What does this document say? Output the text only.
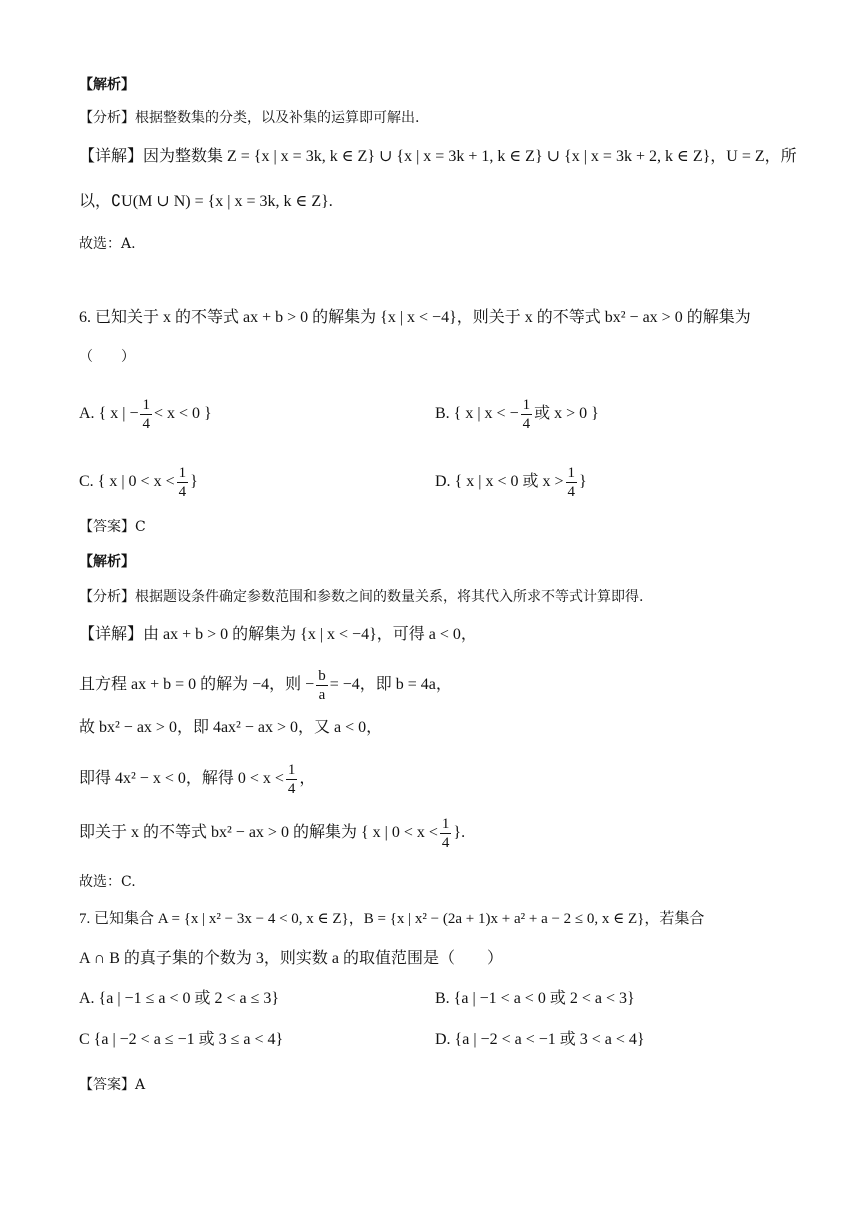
【解析】
【分析】根据整数集的分类，以及补集的运算即可解出.
【详解】因为整数集 Z = {x | x = 3k, k ∈ Z} ∪ {x | x = 3k + 1, k ∈ Z} ∪ {x | x = 3k + 2, k ∈ Z}，U = Z，所
以，∁U(M ∪ N) = {x | x = 3k, k ∈ Z}.
故选：A.
6. 已知关于 x 的不等式 ax + b > 0 的解集为 {x | x < −4}，则关于 x 的不等式 bx² − ax > 0 的解集为
（　　）
A. { x | − $\frac{1}{4} < x < 0$ }	B. { x | x < − $\frac{1}{4}$ 或 x > 0 }
C. { x | $0 < x < \frac{1}{4}$ }	D. { x | x < 0 或 $x > \frac{1}{4}$ }
【答案】C
【解析】
【分析】根据题设条件确定参数范围和参数之间的数量关系，将其代入所求不等式计算即得.
【详解】由 ax + b > 0 的解集为 {x | x < −4}，可得 a < 0，
且方程 ax + b = 0 的解为 −4，则 − $\frac{b}{a} = -4$，即 b = 4a，
故 bx² − ax > 0，即 4ax² − ax > 0，又 a < 0，
即得 4x² − x < 0，解得 $0 < x < \frac{1}{4}$ ，
即关于 x 的不等式 bx² − ax > 0 的解集为 { x | $0 < x < \frac{1}{4}$ }.
故选：C.
7. 已知集合 A = {x | x² − 3x − 4 < 0, x ∈ Z}，B = {x | x² − (2a + 1)x + a² + a − 2 ≤ 0, x ∈ Z}，若集合
A ∩ B 的真子集的个数为 3，则实数 a 的取值范围是（　　）
A. {a | −1 ≤ a < 0 或 2 < a ≤ 3}	B. {a | −1 < a < 0 或 2 < a < 3}
C {a | −2 < a ≤ −1 或 3 ≤ a < 4}	D. {a | −2 < a < −1 或 3 < a < 4}
【答案】A
